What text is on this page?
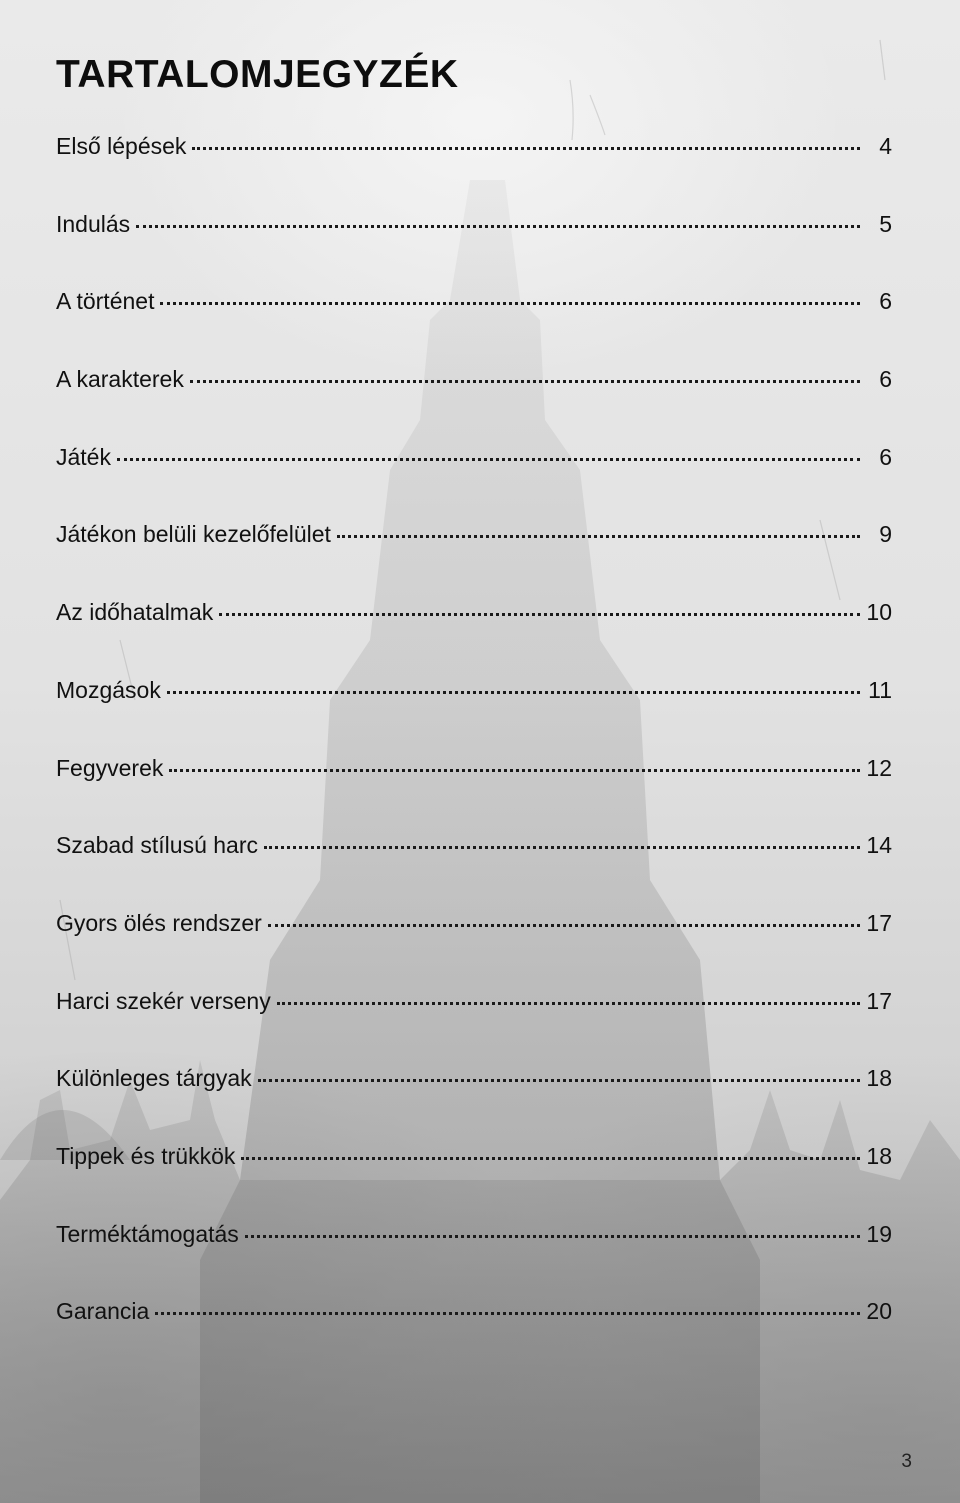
TARTALOMJEGYZÉK
Első lépések	4
Indulás	5
A történet	6
A karakterek	6
Játék	6
Játékon belüli kezelőfelület	9
Az időhatalmak	10
Mozgások	11
Fegyverek	12
Szabad stílusú harc	14
Gyors ölés rendszer	17
Harci szekér verseny	17
Különleges tárgyak	18
Tippek és trükkök	18
Terméktámogatás	19
Garancia	20
3
